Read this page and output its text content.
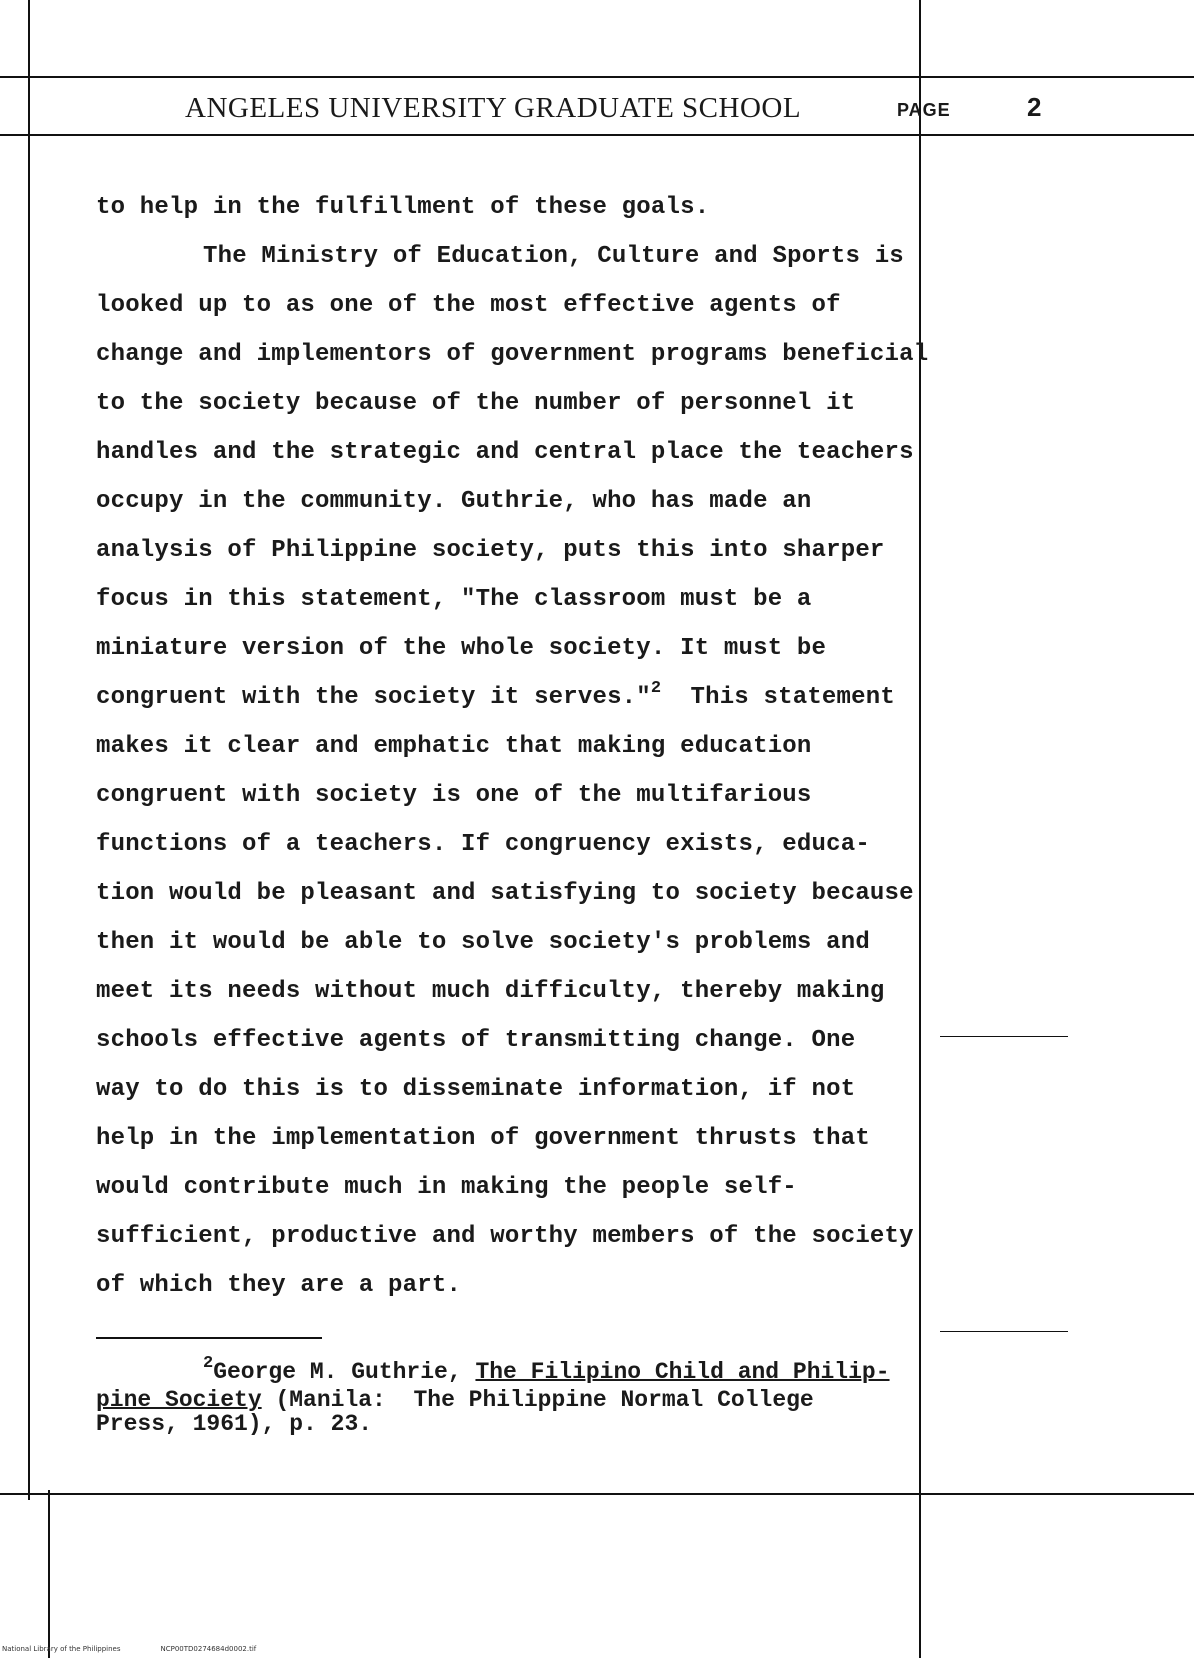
ANGELES UNIVERSITY GRADUATE SCHOOL	PAGE	2
to help in the fulfillment of these goals.
The Ministry of Education, Culture and Sports is
looked up to as one of the most effective agents of
change and implementors of government programs beneficial
to the society because of the number of personnel it
handles and the strategic and central place the teachers
occupy in the community. Guthrie, who has made an
analysis of Philippine society, puts this into sharper
focus in this statement, "The classroom must be a
miniature version of the whole society. It must be
congruent with the society it serves."$^2$  This statement
makes it clear and emphatic that making education
congruent with society is one of the multifarious
functions of a teachers. If congruency exists, educa-
tion would be pleasant and satisfying to society because
then it would be able to solve society's problems and
meet its needs without much difficulty, thereby making
schools effective agents of transmitting change. One
way to do this is to disseminate information, if not
help in the implementation of government thrusts that
would contribute much in making the people self-
sufficient, productive and worthy members of the society
of which they are a part.
$^2$George M. Guthrie, The Filipino Child and Philip-
pine Society (Manila:  The Philippine Normal College
Press, 1961), p. 23.
National Library of the Philippines	NCP00TD0274684d0002.tif
